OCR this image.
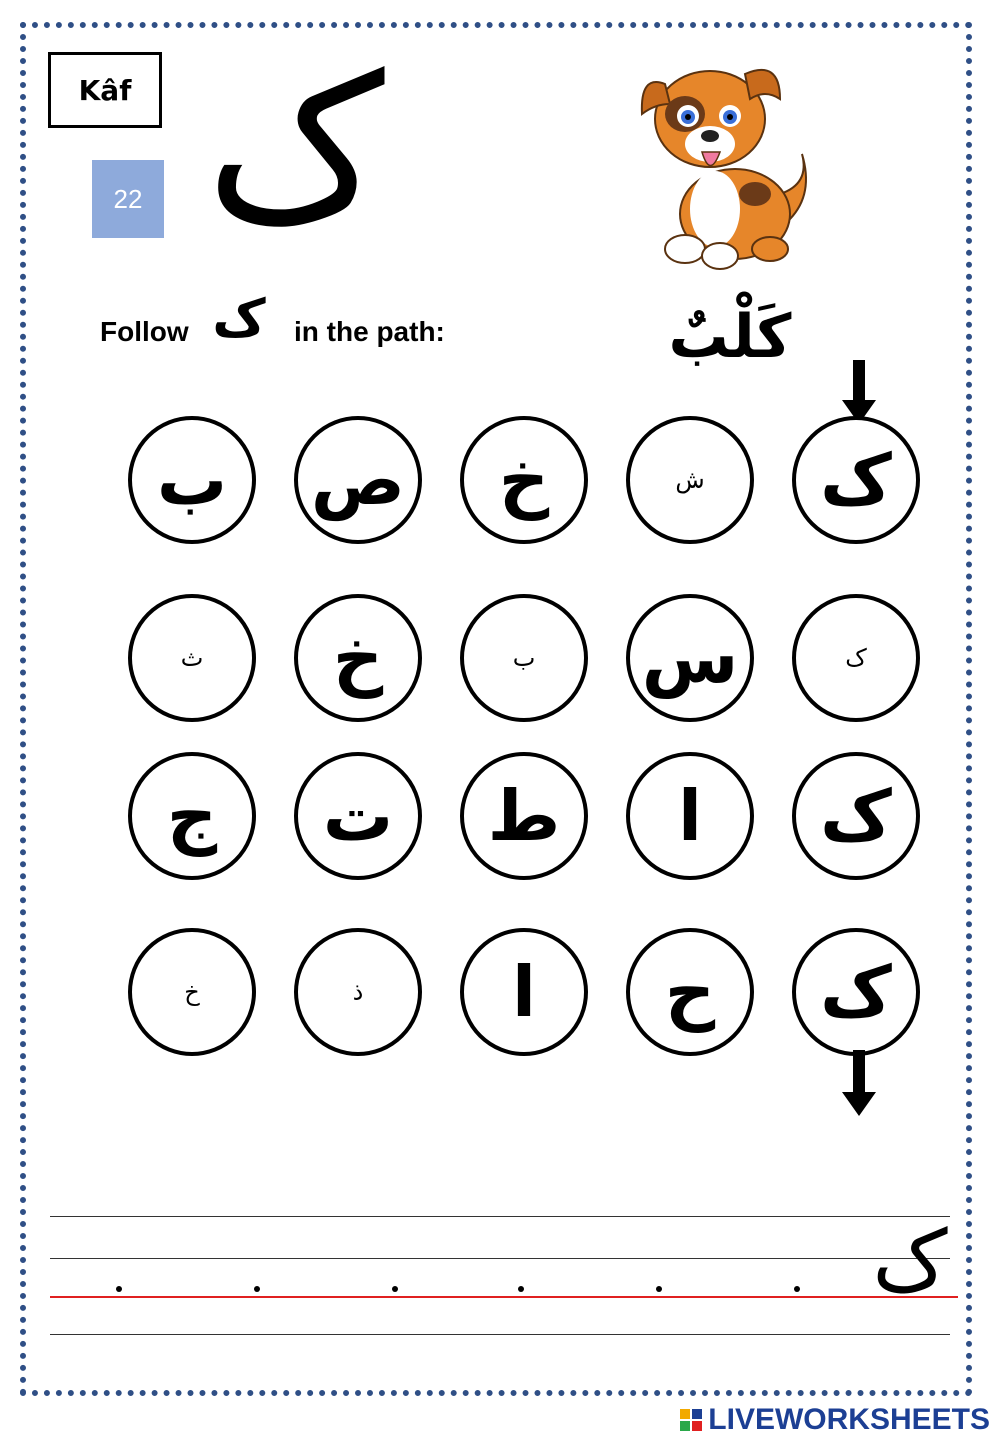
Kâf
22 ک
Follow ک in the path:	كَلْبٌ
ک
ش
خ
ص
ب
ک
س
ب
خ
ث
ک
ا
ط
ت
ج
ک
ح
ا
ذ
خ
ک
LIVEWORKSHEETS
